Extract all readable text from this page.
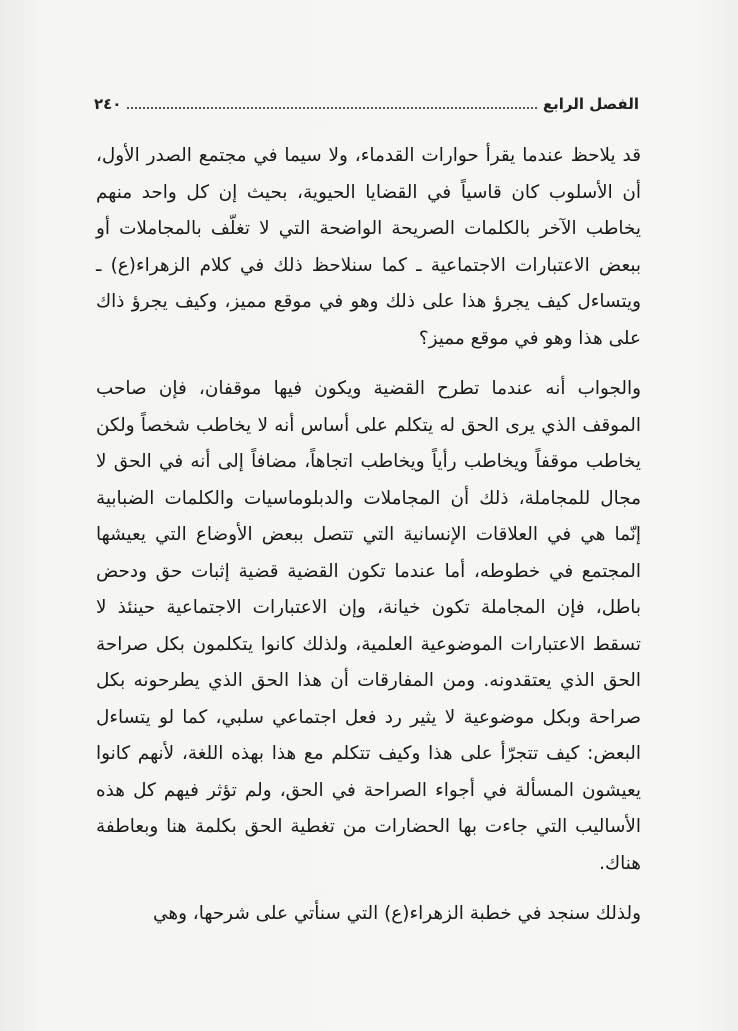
الفصل الرابع
٢٤٠

قد يلاحظ عندما يقرأ حوارات القدماء، ولا سيما في مجتمع الصدر الأول، أن الأسلوب كان قاسياً في القضايا الحيوية، بحيث إن كل واحد منهم يخاطب الآخر بالكلمات الصريحة الواضحة التي لا تغلّف بالمجاملات أو ببعض الاعتبارات الاجتماعية ـ كما سنلاحظ ذلك في كلام الزهراء(ع) ـ ويتساءل كيف يجرؤ هذا على ذلك وهو في موقع مميز، وكيف يجرؤ ذاك على هذا وهو في موقع مميز؟

والجواب أنه عندما تطرح القضية ويكون فيها موقفان، فإن صاحب الموقف الذي يرى الحق له يتكلم على أساس أنه لا يخاطب شخصاً ولكن يخاطب موقفاً ويخاطب رأياً ويخاطب اتجاهاً، مضافاً إلى أنه في الحق لا مجال للمجاملة، ذلك أن المجاملات والدبلوماسيات والكلمات الضبابية إنّما هي في العلاقات الإنسانية التي تتصل ببعض الأوضاع التي يعيشها المجتمع في خطوطه، أما عندما تكون القضية قضية إثبات حق ودحض باطل، فإن المجاملة تكون خيانة، وإن الاعتبارات الاجتماعية حينئذ لا تسقط الاعتبارات الموضوعية العلمية، ولذلك كانوا يتكلمون بكل صراحة الحق الذي يعتقدونه. ومن المفارقات أن هذا الحق الذي يطرحونه بكل صراحة وبكل موضوعية لا يثير رد فعل اجتماعي سلبي، كما لو يتساءل البعض: كيف تتجرّأ على هذا وكيف تتكلم مع هذا بهذه اللغة، لأنهم كانوا يعيشون المسألة في أجواء الصراحة في الحق، ولم تؤثر فيهم كل هذه الأساليب التي جاءت بها الحضارات من تغطية الحق بكلمة هنا وبعاطفة هناك.

ولذلك سنجد في خطبة الزهراء(ع) التي سنأتي على شرحها، وهي
